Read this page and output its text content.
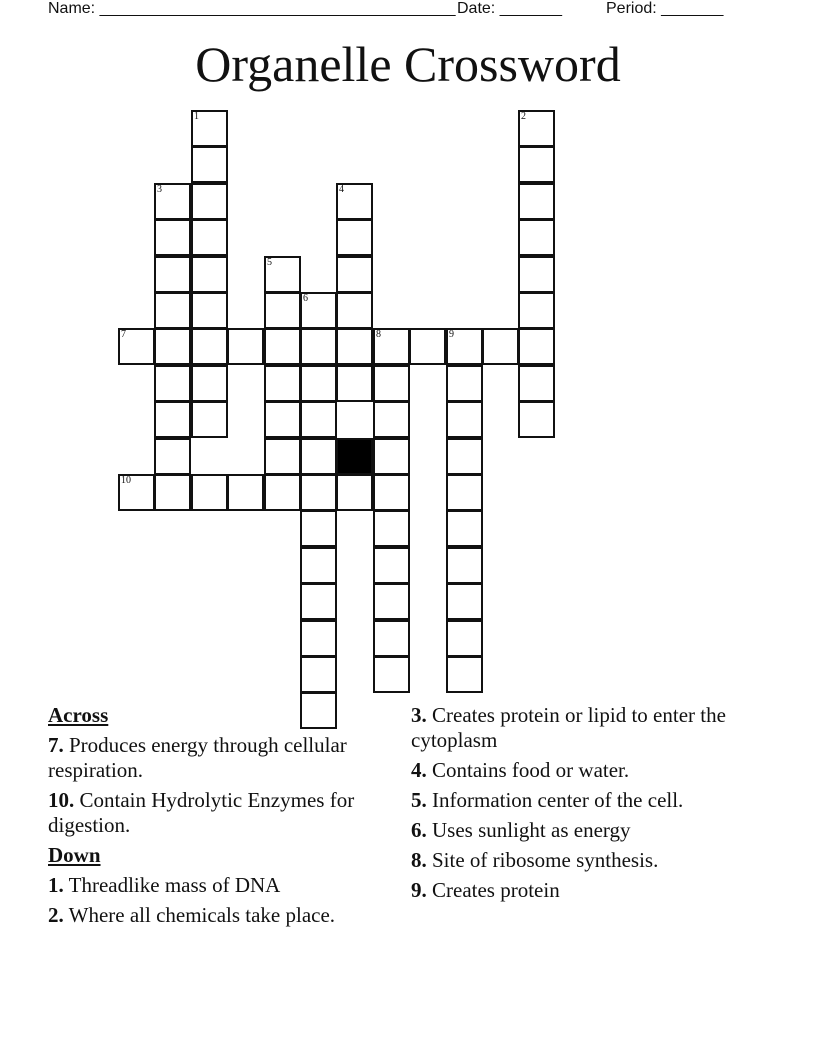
Name: ________________________________________ Date: _______	Period: _______
Organelle Crossword
1	2
3	4
5
6
8	9
7
10
Across
7. Produces energy through cellular respiration.
10. Contain Hydrolytic Enzymes for digestion.
Down
1. Threadlike mass of DNA
2. Where all chemicals take place.
3. Creates protein or lipid to enter the cytoplasm
4. Contains food or water.
5. Information center of the cell.
6. Uses sunlight as energy
8. Site of ribosome synthesis.
9. Creates protein
